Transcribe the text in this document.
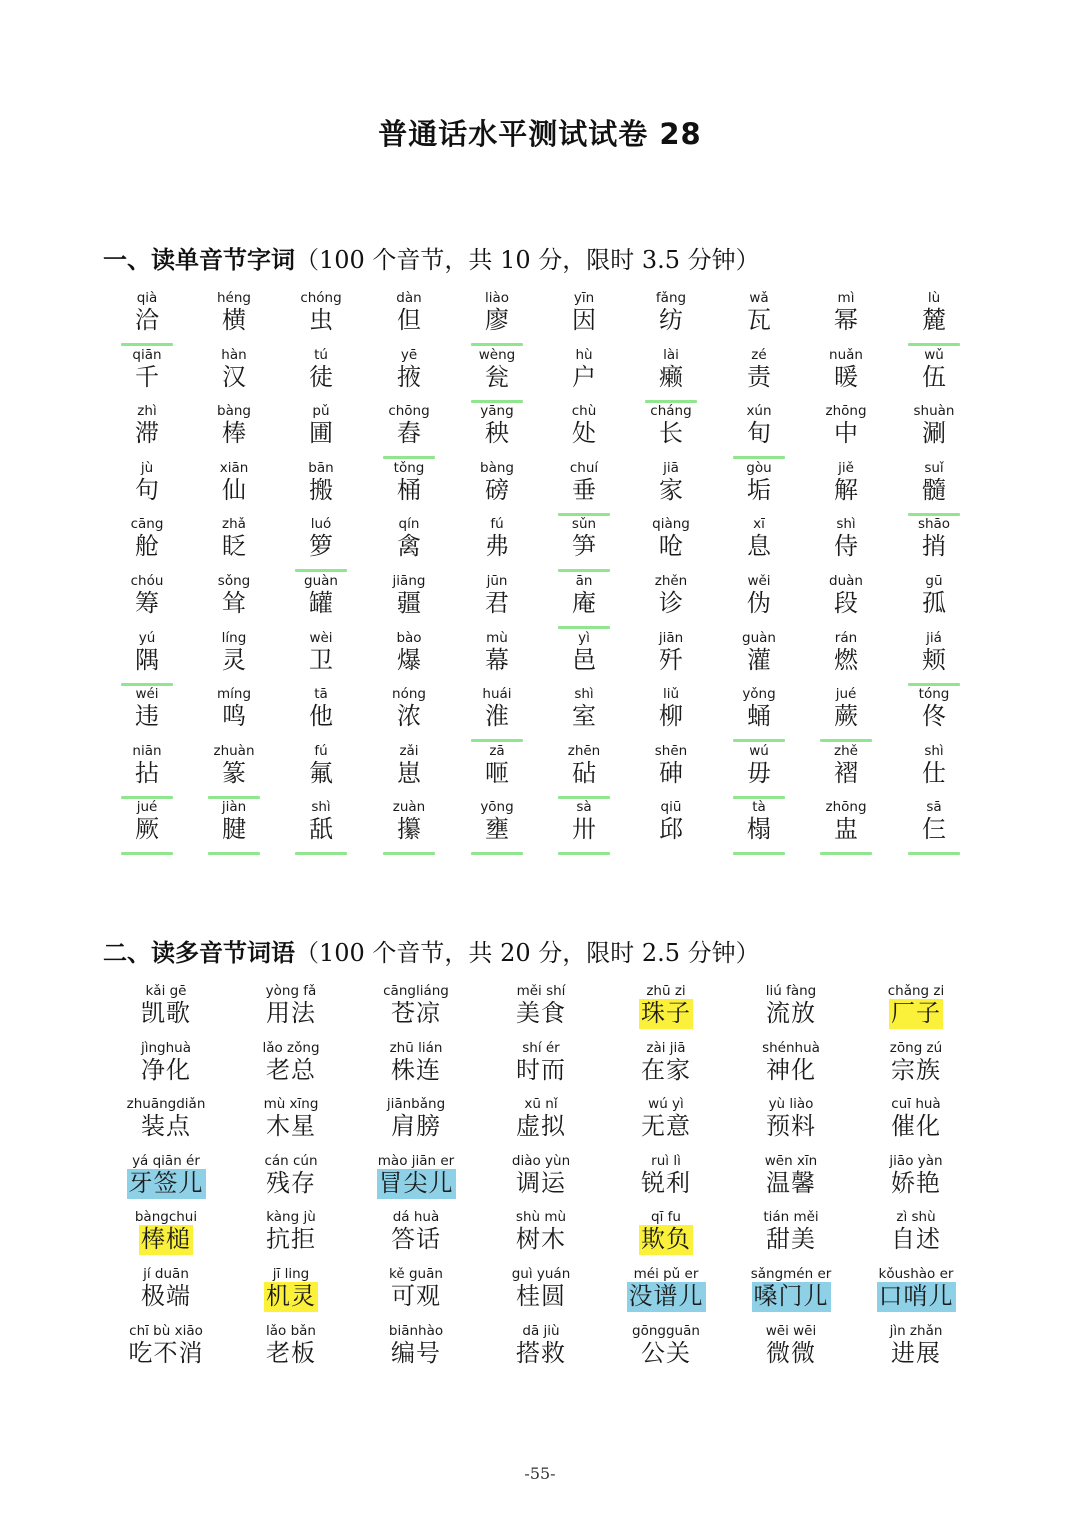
普通话水平测试试卷 28
一、读单音节字词（100 个音节，共 10 分，限时 3.5 分钟）
qià
洽
héng
横
chóng
虫
dàn
但
liào
廖
yīn
因
fǎng
纺
wǎ
瓦
mì
幂
lù
麓
qiān
千
hàn
汉
tú
徒
yē
掖
wèng
瓮
hù
户
lài
癞
zé
责
nuǎn
暖
wǔ
伍
zhì
滞
bàng
棒
pǔ
圃
chōng
舂
yāng
秧
chù
处
cháng
长
xún
旬
zhōng
中
shuàn
涮
jù
句
xiān
仙
bān
搬
tǒng
桶
bàng
磅
chuí
垂
jiā
家
gòu
垢
jiě
解
suǐ
髓
cāng
舱
zhǎ
眨
luó
箩
qín
禽
fú
弗
sǔn
笋
qiàng
呛
xī
息
shì
侍
shāo
捎
chóu
筹
sǒng
耸
guàn
罐
jiāng
疆
jūn
君
ān
庵
zhěn
诊
wěi
伪
duàn
段
gū
孤
yú
隅
líng
灵
wèi
卫
bào
爆
mù
幕
yì
邑
jiān
歼
guàn
灌
rán
燃
jiá
颊
wéi
违
míng
鸣
tā
他
nóng
浓
huái
淮
shì
室
liǔ
柳
yǒng
蛹
jué
蕨
tóng
佟
niān
拈
zhuàn
篆
fú
氟
zǎi
崽
zā
咂
zhēn
砧
shēn
砷
wú
毋
zhě
褶
shì
仕
jué
厥
jiàn
腱
shì
舐
zuàn
攥
yōng
壅
sà
卅
qiū
邱
tà
榻
zhōng
盅
sā
仨
二、读多音节词语（100 个音节，共 20 分，限时 2.5 分钟）
kǎi gē
凯歌
yòng fǎ
用法
cāngliáng
苍凉
měi shí
美食
zhū zi
珠子
liú fàng
流放
chǎng zi
厂子
jìnghuà
净化
lǎo zǒng
老总
zhū lián
株连
shí ér
时而
zài jiā
在家
shénhuà
神化
zōng zú
宗族
zhuāngdiǎn
装点
mù xīng
木星
jiānbǎng
肩膀
xū nǐ
虚拟
wú yì
无意
yù liào
预料
cuī huà
催化
yá qiān ér
牙签儿
cán cún
残存
mào jiān er
冒尖儿
diào yùn
调运
ruì lì
锐利
wēn xīn
温馨
jiāo yàn
娇艳
bàngchui
棒槌
kàng jù
抗拒
dá huà
答话
shù mù
树木
qī fu
欺负
tián měi
甜美
zì shù
自述
jí duān
极端
jī ling
机灵
kě guān
可观
guì yuán
桂圆
méi pǔ er
没谱儿
sǎngmén er
嗓门儿
kǒushào er
口哨儿
chī bù xiāo
吃不消
lǎo bǎn
老板
biānhào
编号
dā jiù
搭救
gōngguān
公关
wēi wēi
微微
jìn zhǎn
进展
-55-
